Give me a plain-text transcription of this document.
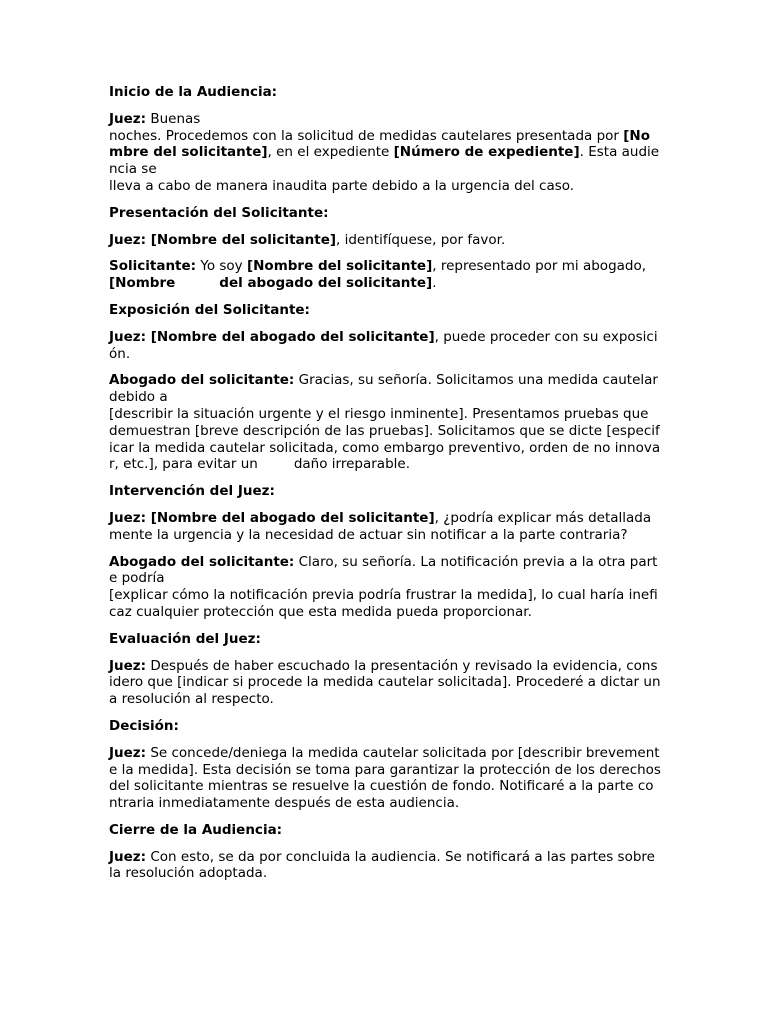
Inicio de la Audiencia:
Juez: Buenas
noches. Procedemos con la solicitud de medidas cautelares presentada por [Nombre del solicitante], en el expediente [Número de expediente]. Esta audiencia se
lleva a cabo de manera inaudita parte debido a la urgencia del caso.
Presentación del Solicitante:
Juez: [Nombre del solicitante], identifíquese, por favor.
Solicitante: Yo soy [Nombre del solicitante], representado por mi abogado, [Nombre	del abogado del solicitante].
Exposición del Solicitante:
Juez: [Nombre del abogado del solicitante], puede proceder con su exposición.
Abogado del solicitante: Gracias, su señoría. Solicitamos una medida cautelar debido a
[describir la situación urgente y el riesgo inminente]. Presentamos pruebas que demuestran [breve descripción de las pruebas]. Solicitamos que se dicte [especificar la medida cautelar solicitada, como embargo preventivo, orden de no innovar, etc.], para evitar un	daño irreparable.
Intervención del Juez:
Juez: [Nombre del abogado del solicitante], ¿podría explicar más detalladamente la urgencia y la necesidad de actuar sin notificar a la parte contraria?
Abogado del solicitante: Claro, su señoría. La notificación previa a la otra parte podría
[explicar cómo la notificación previa podría frustrar la medida], lo cual haría ineficaz cualquier protección que esta medida pueda proporcionar.
Evaluación del Juez:
Juez: Después de haber escuchado la presentación y revisado la evidencia, considero que [indicar si procede la medida cautelar solicitada]. Procederé a dictar una resolución al respecto.
Decisión:
Juez: Se concede/deniega la medida cautelar solicitada por [describir brevemente la medida]. Esta decisión se toma para garantizar la protección de los derechos del solicitante mientras se resuelve la cuestión de fondo. Notificaré a la parte contraria inmediatamente después de esta audiencia.
Cierre de la Audiencia:
Juez: Con esto, se da por concluida la audiencia. Se notificará a las partes sobre la resolución adoptada.
